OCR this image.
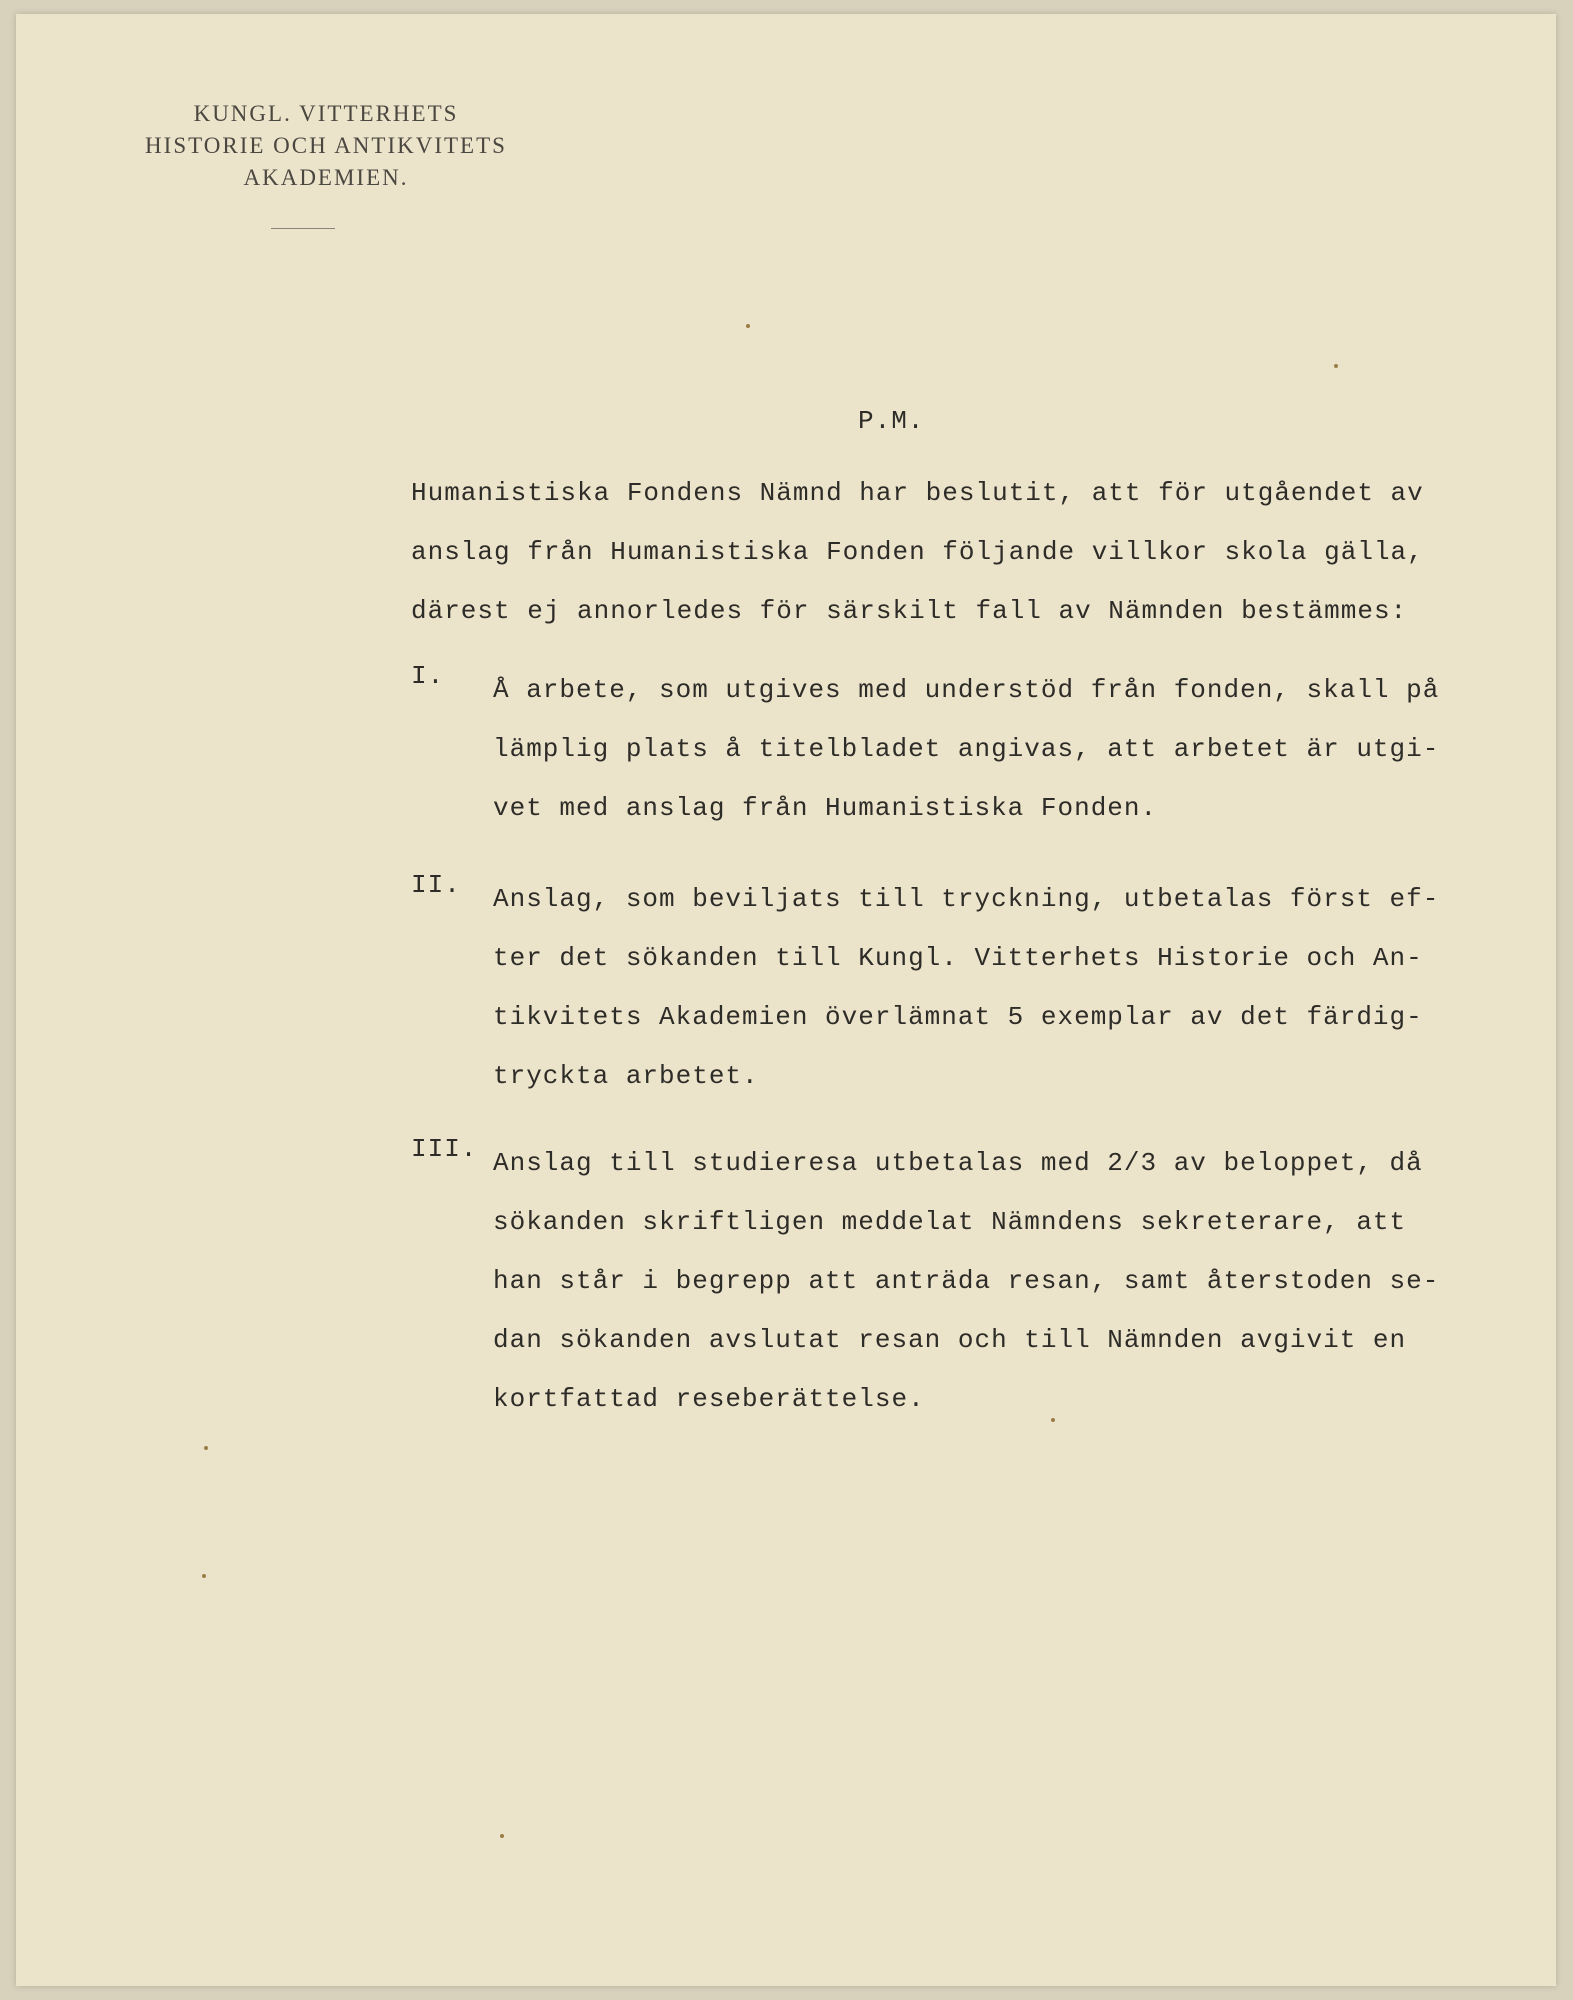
KUNGL. VITTERHETS
HISTORIE OCH ANTIKVITETS
AKADEMIEN.
P.M.
Humanistiska Fondens Nämnd har beslutit, att för utgåendet av
anslag från Humanistiska Fonden följande villkor skola gälla,
därest ej annorledes för särskilt fall av Nämnden bestämmes:
I. Å arbete, som utgives med understöd från fonden, skall på
lämplig plats å titelbladet angivas, att arbetet är utgi-
vet med anslag från Humanistiska Fonden.
II. Anslag, som beviljats till tryckning, utbetalas först ef-
ter det sökanden till Kungl. Vitterhets Historie och An-
tikvitets Akademien överlämnat 5 exemplar av det färdig-
tryckta arbetet.
III. Anslag till studieresa utbetalas med 2/3 av beloppet, då
sökanden skriftligen meddelat Nämndens sekreterare, att
han står i begrepp att anträda resan, samt återstoden se-
dan sökanden avslutat resan och till Nämnden avgivit en
kortfattad reseberättelse.
